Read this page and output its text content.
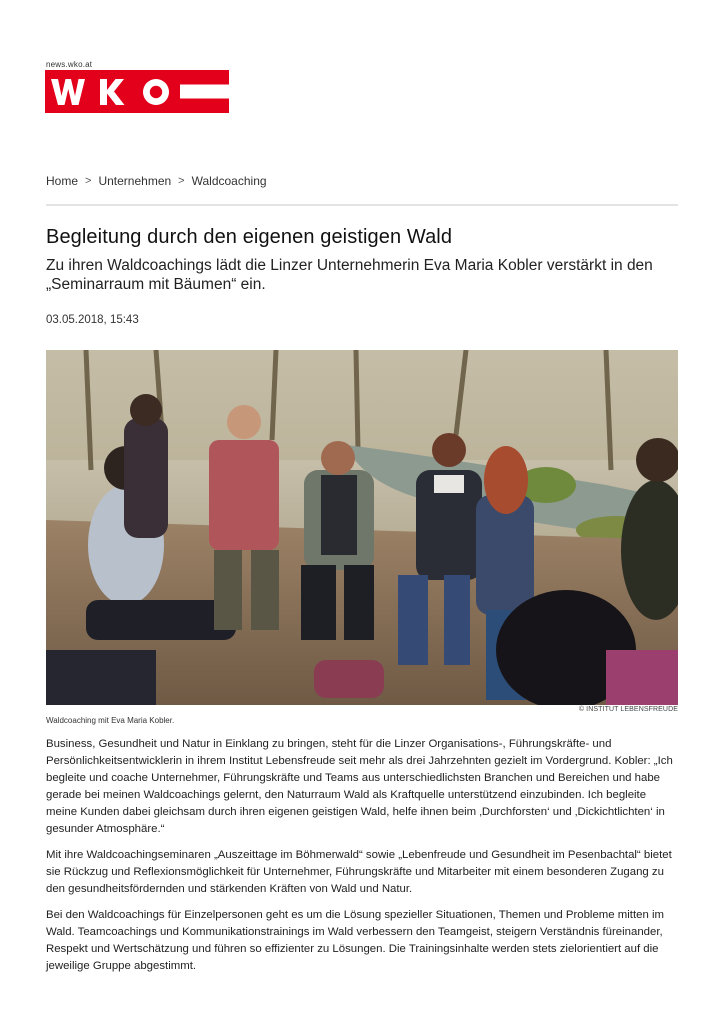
news.wko.at
Home > Unternehmen > Waldcoaching
Begleitung durch den eigenen geistigen Wald

Zu ihren Waldcoachings lädt die Linzer Unternehmerin Eva Maria Kobler verstärkt in den „Seminarraum mit Bäumen“ ein.

03.05.2018, 15:43
© INSTITUT LEBENSFREUDE
Waldcoaching mit Eva Maria Kobler.

Business, Gesundheit und Natur in Einklang zu bringen, steht für die Linzer Organisations-, Führungskräfte- und Persönlichkeitsentwicklerin in ihrem Institut Lebensfreude seit mehr als drei Jahrzehnten gezielt im Vordergrund. Kobler: „Ich begleite und coache Unternehmer, Führungskräfte und Teams aus unterschiedlichsten Branchen und Bereichen und habe gerade bei meinen Waldcoachings gelernt, den Naturraum Wald als Kraftquelle unterstützend einzubinden. Ich begleite meine Kunden dabei gleichsam durch ihren eigenen geistigen Wald, helfe ihnen beim ‚Durchforsten‘ und ‚Dickichtlichten‘ in gesunder Atmosphäre.“

Mit ihre Waldcoachingseminaren „Auszeittage im Böhmerwald“ sowie „Lebenfreude und Gesundheit im Pesenbachtal“ bietet sie Rückzug und Reflexionsmöglichkeit für Unternehmer, Führungskräfte und Mitarbeiter mit einem besonderen Zugang zu den gesundheitsfördernden und stärkenden Kräften von Wald und Natur.

Bei den Waldcoachings für Einzelpersonen geht es um die Lösung spezieller Situationen, Themen und Probleme mitten im Wald. Teamcoachings und Kommunikationstrainings im Wald verbessern den Teamgeist, steigern Verständnis füreinander, Respekt und Wertschätzung und führen so effizienter zu Lösungen. Die Trainingsinhalte werden stets zielorientiert auf die jeweilige Gruppe abgestimmt.
